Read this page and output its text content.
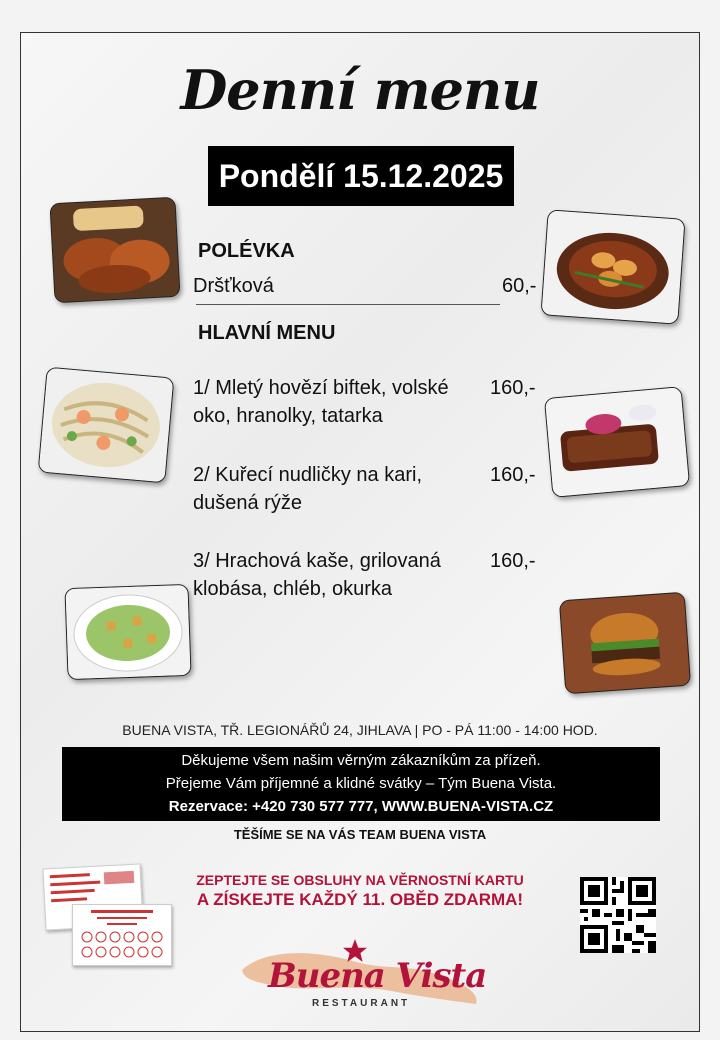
Denní menu
Pondělí 15.12.2025
POLÉVKA
Dršťková	60,-
HLAVNÍ MENU
1/ Mletý hovězí biftek, volské
oko, hranolky, tatarka
160,-
2/ Kuřecí nudličky na kari,
dušená rýže
160,-
3/ Hrachová kaše, grilovaná
klobása, chléb, okurka
160,-
BUENA VISTA, TŘ. LEGIONÁŘŮ 24, JIHLAVA | PO - PÁ 11:00 - 14:00 HOD.
Děkujeme všem našim věrným zákazníkům za přízeň.
Přejeme Vám příjemné a klidné svátky – Tým Buena Vista.
Rezervace: +420 730 577 777, WWW.BUENA-VISTA.CZ
TĚŠÍME SE NA VÁS TEAM BUENA VISTA
ZEPTEJTE SE OBSLUHY NA VĚRNOSTNÍ KARTU
A ZÍSKEJTE KAŽDÝ 11. OBĚD ZDARMA!
Buena Vista
RESTAURANT
